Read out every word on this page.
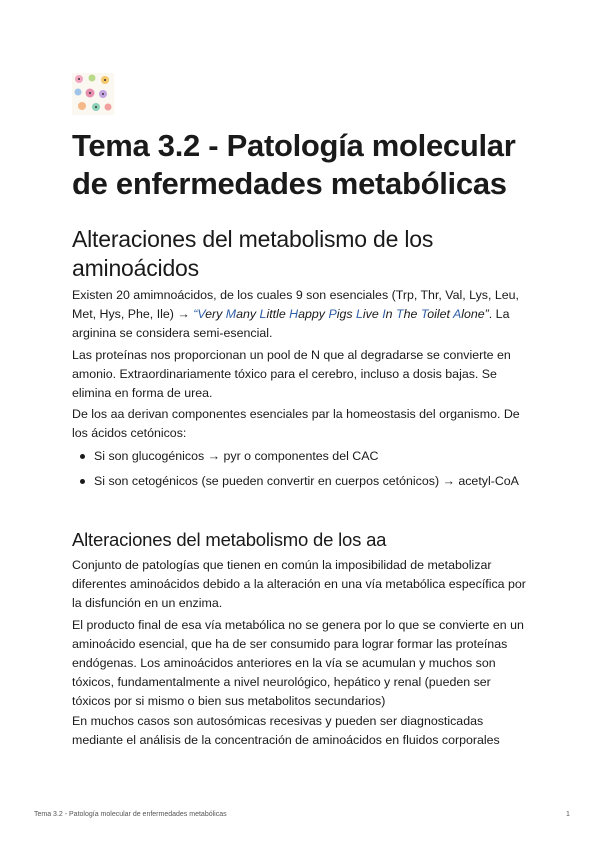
Tema 3.2 - Patología molecular de enfermedades metabólicas
Alteraciones del metabolismo de los aminoácidos

Existen 20 amimnoácidos, de los cuales 9 son esenciales (Trp, Thr, Val, Lys, Leu, Met, Hys, Phe, Ile) → “Very Many Little Happy Pigs Live In The Toilet Alone”. La arginina se considera semi-esencial.

Las proteínas nos proporcionan un pool de N que al degradarse se convierte en amonio. Extraordinariamente tóxico para el cerebro, incluso a dosis bajas. Se elimina en forma de urea.

De los aa derivan componentes esenciales par la homeostasis del organismo. De los ácidos cetónicos:

Si son glucogénicos → pyr o componentes del CAC
Si son cetogénicos (se pueden convertir en cuerpos cetónicos) → acetyl-CoA
Alteraciones del metabolismo de los aa

Conjunto de patologías que tienen en común la imposibilidad de metabolizar diferentes aminoácidos debido a la alteración en una vía metabólica específica por la disfunción en un enzima.

El producto final de esa vía metabólica no se genera por lo que se convierte en un aminoácido esencial, que ha de ser consumido para lograr formar las proteínas endógenas. Los aminoácidos anteriores en la vía se acumulan y muchos son tóxicos, fundamentalmente a nivel neurológico, hepático y renal (pueden ser tóxicos por si mismo o bien sus metabolitos secundarios)

En muchos casos son autosómicas recesivas y pueden ser diagnosticadas mediante el análisis de la concentración de aminoácidos en fluidos corporales

Tema 3.2 - Patología molecular de enfermedades metabólicas	1
